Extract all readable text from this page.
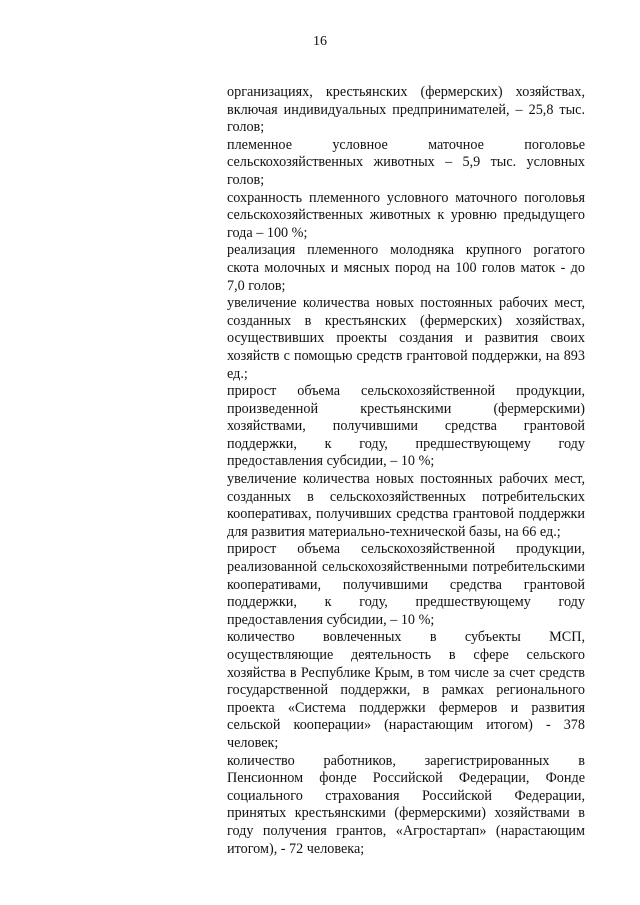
16

организациях, крестьянских (фермерских) хозяйствах, включая индивидуальных предпринимателей, – 25,8 тыс. голов;

племенное условное маточное поголовье сельскохозяйственных животных – 5,9 тыс. условных голов;

сохранность племенного условного маточного поголовья сельскохозяйственных животных к уровню предыдущего года – 100 %;

реализация племенного молодняка крупного рогатого скота молочных и мясных пород на 100 голов маток - до 7,0 голов;

увеличение количества новых постоянных рабочих мест, созданных в крестьянских (фермерских) хозяйствах, осуществивших проекты создания и развития своих хозяйств с помощью средств грантовой поддержки, на 893 ед.;

прирост объема сельскохозяйственной продукции, произведенной крестьянскими (фермерскими) хозяйствами, получившими средства грантовой поддержки, к году, предшествующему году предоставления субсидии, – 10 %;

увеличение количества новых постоянных рабочих мест, созданных в сельскохозяйственных потребительских кооперативах, получивших средства грантовой поддержки для развития материально-технической базы, на 66 ед.;

прирост объема сельскохозяйственной продукции, реализованной сельскохозяйственными потребительскими кооперативами, получившими средства грантовой поддержки, к году, предшествующему году предоставления субсидии, – 10 %;

количество вовлеченных в субъекты МСП, осуществляющие деятельность в сфере сельского хозяйства в Республике Крым, в том числе за счет средств государственной поддержки, в рамках регионального проекта «Система поддержки фермеров и развития сельской кооперации» (нарастающим итогом) - 378 человек;

количество работников, зарегистрированных в Пенсионном фонде Российской Федерации, Фонде социального страхования Российской Федерации, принятых крестьянскими (фермерскими) хозяйствами в году получения грантов, «Агростартап» (нарастающим итогом), - 72 человека;
